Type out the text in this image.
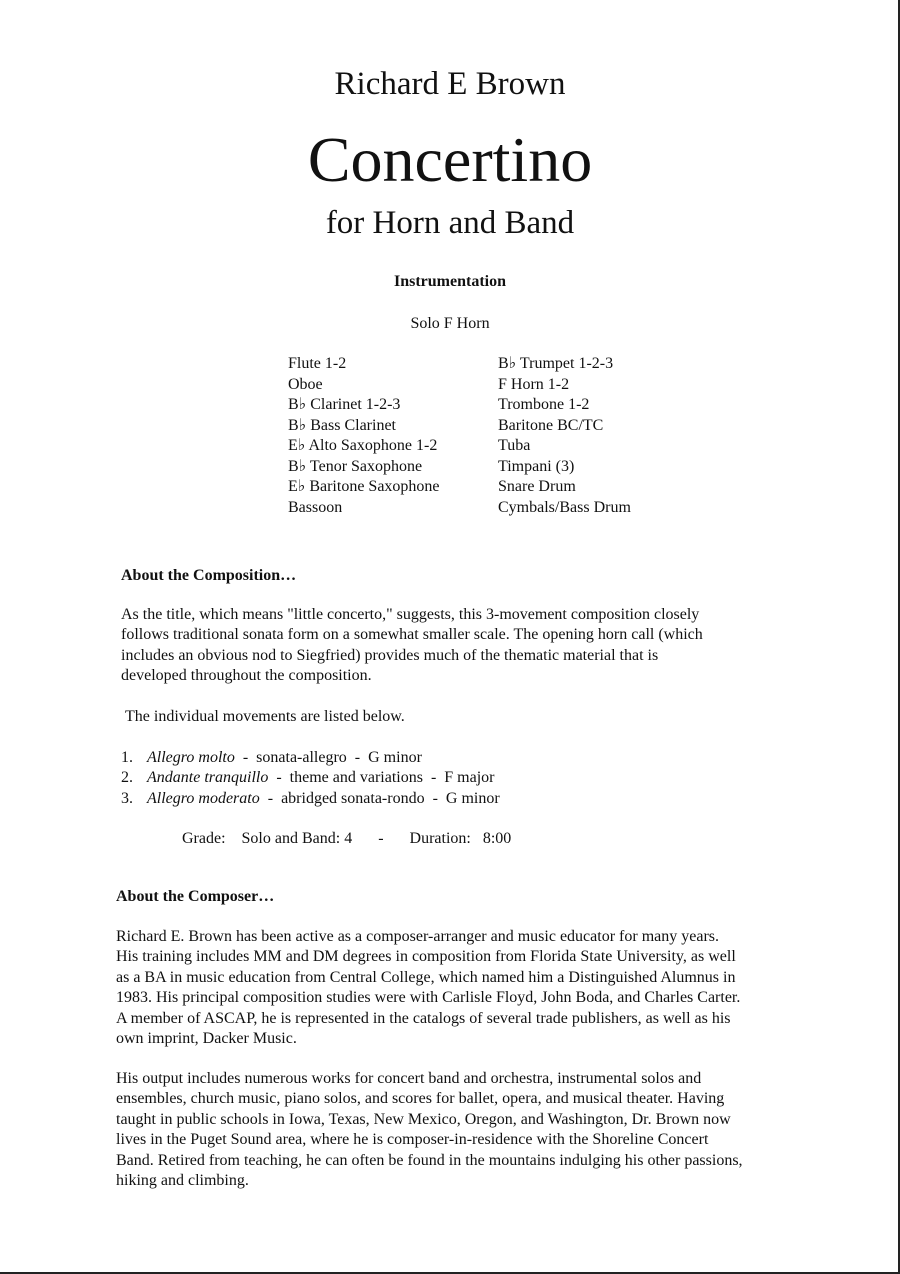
Richard E Brown
Concertino
for Horn and Band
Instrumentation
Solo F Horn
Flute 1-2
Oboe
B♭ Clarinet 1-2-3
B♭ Bass Clarinet
E♭ Alto Saxophone 1-2
B♭ Tenor Saxophone
E♭ Baritone Saxophone
Bassoon
B♭ Trumpet 1-2-3
F Horn 1-2
Trombone 1-2
Baritone BC/TC
Tuba
Timpani (3)
Snare Drum
Cymbals/Bass Drum
About the Composition…
As the title, which means "little concerto," suggests, this 3-movement composition closely
follows traditional sonata form on a somewhat smaller scale. The opening horn call (which
includes an obvious nod to Siegfried) provides much of the thematic material that is
developed throughout the composition.
The individual movements are listed below.
1. Allegro molto - sonata-allegro - G minor
2. Andante tranquillo - theme and variations - F major
3. Allegro moderato - abridged sonata-rondo - G minor
Grade: Solo and Band: 4 - Duration: 8:00
About the Composer…
Richard E. Brown has been active as a composer-arranger and music educator for many years.
His training includes MM and DM degrees in composition from Florida State University, as well
as a BA in music education from Central College, which named him a Distinguished Alumnus in
1983. His principal composition studies were with Carlisle Floyd, John Boda, and Charles Carter.
A member of ASCAP, he is represented in the catalogs of several trade publishers, as well as his
own imprint, Dacker Music.
His output includes numerous works for concert band and orchestra, instrumental solos and
ensembles, church music, piano solos, and scores for ballet, opera, and musical theater. Having
taught in public schools in Iowa, Texas, New Mexico, Oregon, and Washington, Dr. Brown now
lives in the Puget Sound area, where he is composer-in-residence with the Shoreline Concert
Band. Retired from teaching, he can often be found in the mountains indulging his other passions,
hiking and climbing.
